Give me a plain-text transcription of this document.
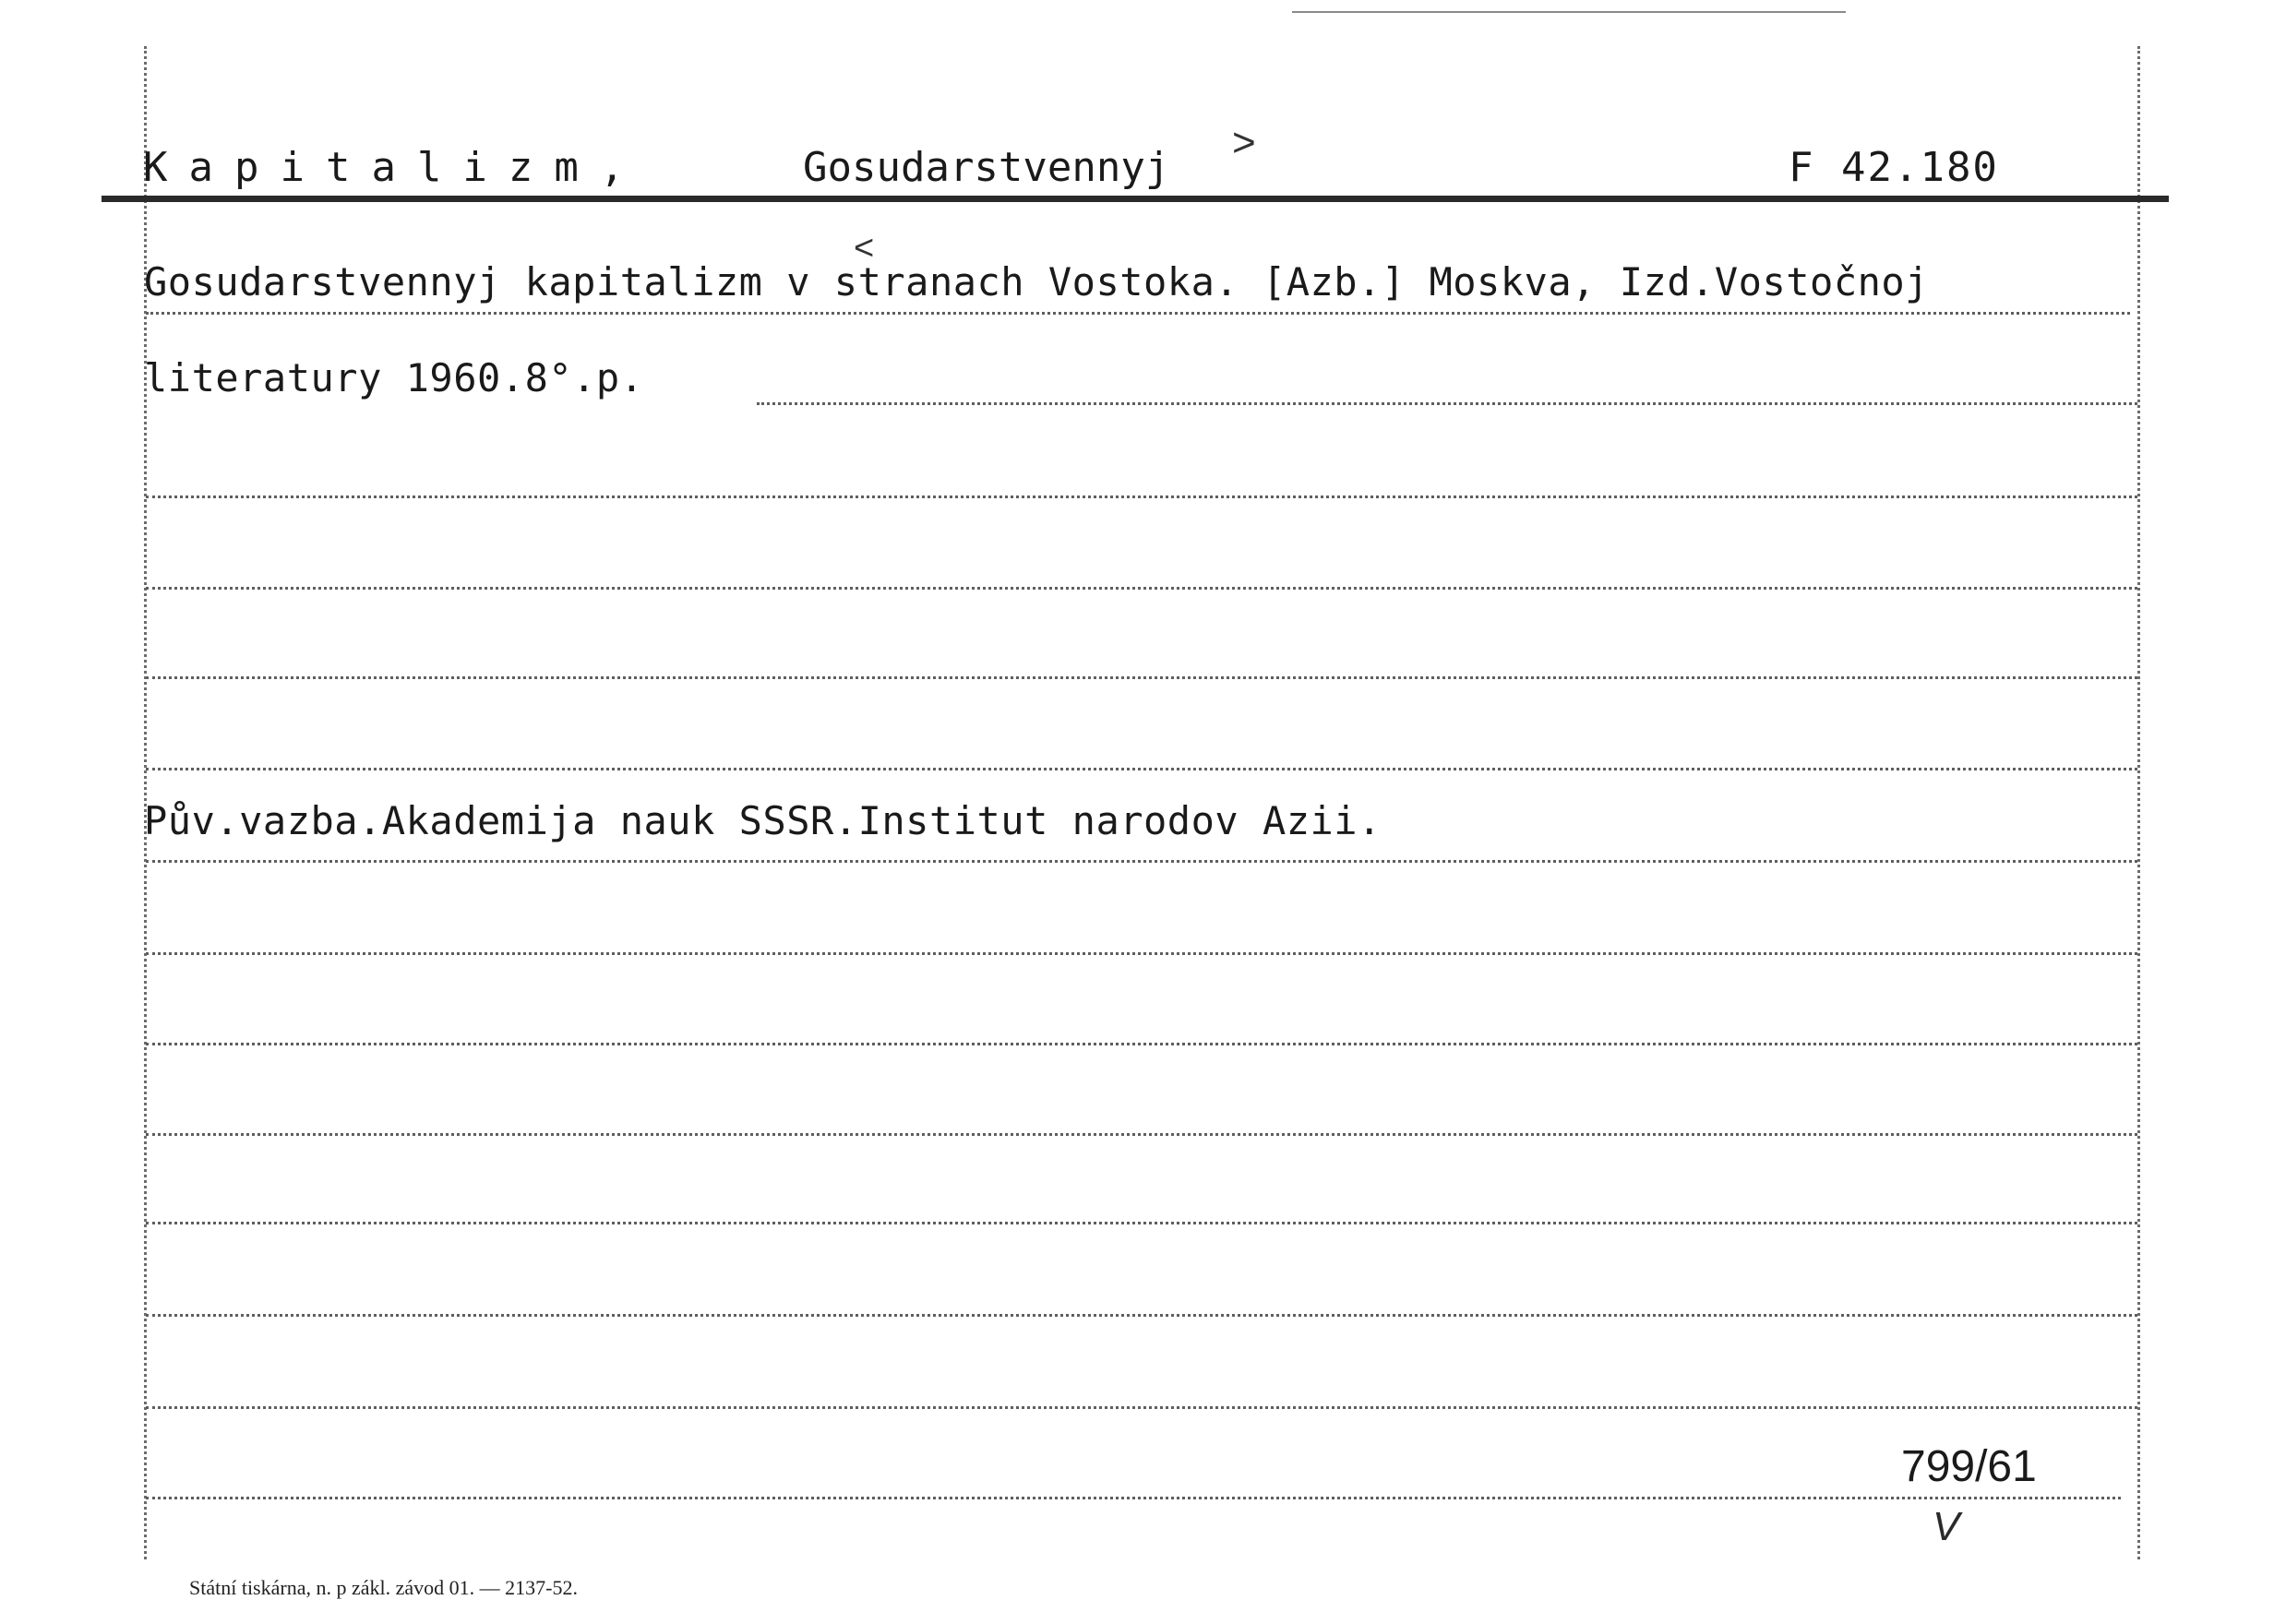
Kapitalizm,	Gosudarstvennyj	F 42.180
Gosudarstvennyj kapitalizm v stranach Vostoka. [Azb.] Moskva, Izd.Vostočnoj
literatury 1960.8°.p.
Pův.vazba.Akademija nauk SSSR.Institut narodov Azii.
>
<
799/61
V
Státní tiskárna, n. p zákl. závod 01. — 2137-52.
